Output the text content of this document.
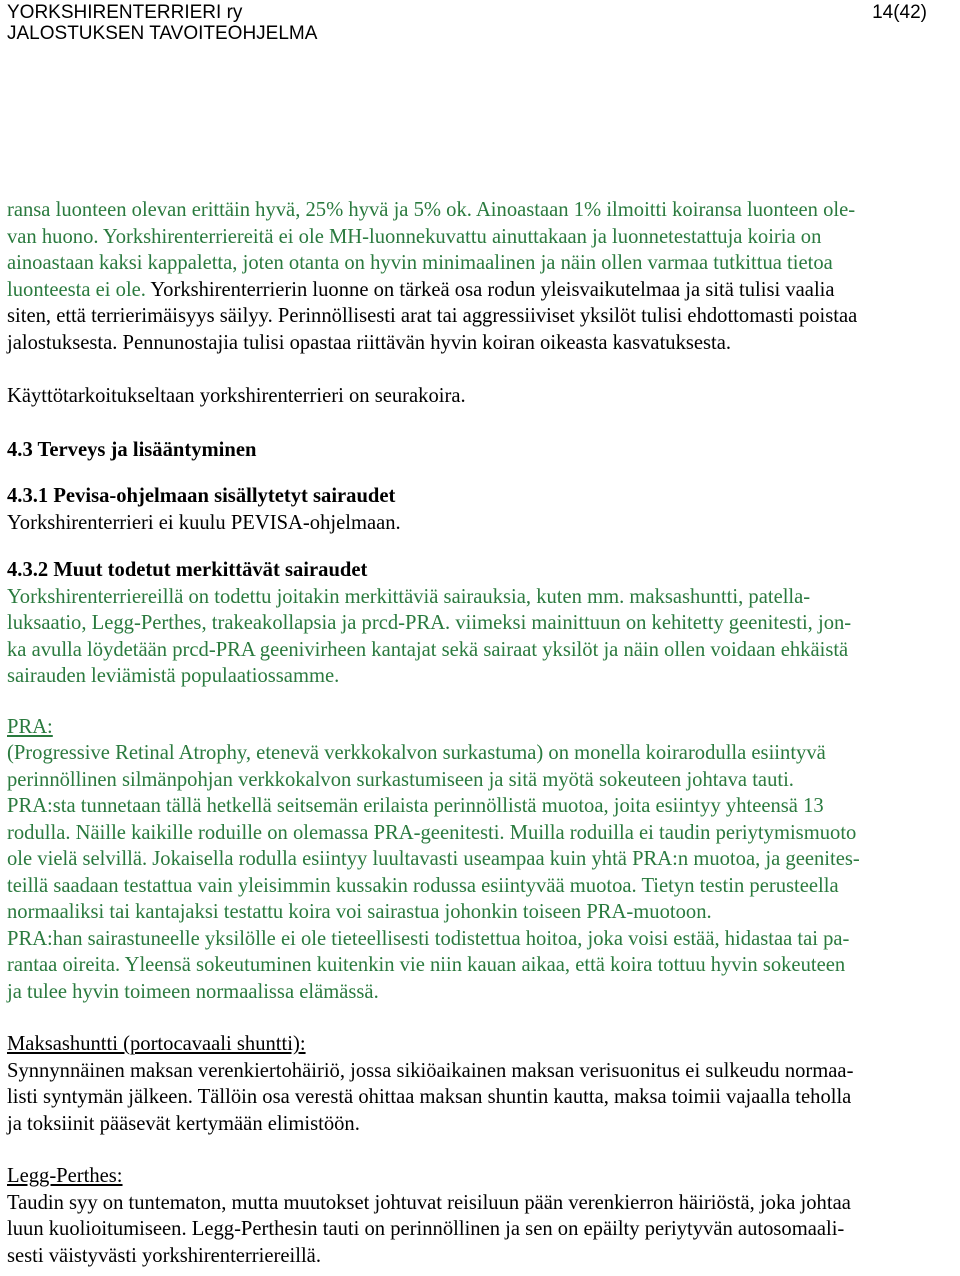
YORKSHIRENTERRIERI ry
JALOSTUKSEN TAVOITEOHJELMA
14(42)
ransa luonteen olevan erittäin hyvä, 25% hyvä ja 5% ok. Ainoastaan 1% ilmoitti koiransa luonteen ole-
van huono. Yorkshirenterriereitä ei ole MH-luonnekuvattu ainuttakaan ja luonnetestattuja koiria on
ainoastaan kaksi kappaletta, joten otanta on hyvin minimaalinen ja näin ollen varmaa tutkittua tietoa
luonteesta ei ole. Yorkshirenterrierin luonne on tärkeä osa rodun yleisvaikutelmaa ja sitä tulisi vaalia
siten, että terrierimäisyys säilyy. Perinnöllisesti arat tai aggressiiviset yksilöt tulisi ehdottomasti poistaa
jalostuksesta. Pennunostajia tulisi opastaa riittävän hyvin koiran oikeasta kasvatuksesta.
Käyttötarkoitukseltaan yorkshirenterrieri on seurakoira.
4.3 Terveys ja lisääntyminen
4.3.1 Pevisa-ohjelmaan sisällytetyt sairaudet
Yorkshirenterrieri ei kuulu PEVISA-ohjelmaan.
4.3.2 Muut todetut merkittävät sairaudet
Yorkshirenterriereillä on todettu joitakin merkittäviä sairauksia, kuten mm. maksashuntti, patella-
luksaatio, Legg-Perthes, trakeakollapsia ja prcd-PRA. viimeksi mainittuun on kehitetty geenitesti, jon-
ka avulla löydetään prcd-PRA geenivirheen kantajat sekä sairaat yksilöt ja näin ollen voidaan ehkäistä
sairauden leviämistä populaatiossamme.
PRA:
(Progressive Retinal Atrophy, etenevä verkkokalvon surkastuma) on monella koirarodulla esiintyvä
perinnöllinen silmänpohjan verkkokalvon surkastumiseen ja sitä myötä sokeuteen johtava tauti.
PRA:sta tunnetaan tällä hetkellä seitsemän erilaista perinnöllistä muotoa, joita esiintyy yhteensä 13
rodulla. Näille kaikille roduille on olemassa PRA-geenitesti. Muilla roduilla ei taudin periytymismuoto
ole vielä selvillä. Jokaisella rodulla esiintyy luultavasti useampaa kuin yhtä PRA:n muotoa, ja geenites-
teillä saadaan testattua vain yleisimmin kussakin rodussa esiintyvää muotoa. Tietyn testin perusteella
normaaliksi tai kantajaksi testattu koira voi sairastua johonkin toiseen PRA-muotoon.
PRA:han sairastuneelle yksilölle ei ole tieteellisesti todistettua hoitoa, joka voisi estää, hidastaa tai pa-
rantaa oireita. Yleensä sokeutuminen kuitenkin vie niin kauan aikaa, että koira tottuu hyvin sokeuteen
ja tulee hyvin toimeen normaalissa elämässä.
Maksashuntti (portocavaali shuntti):
Synnynnäinen maksan verenkiertohäiriö, jossa sikiöaikainen maksan verisuonitus ei sulkeudu normaa-
listi syntymän jälkeen. Tällöin osa verestä ohittaa maksan shuntin kautta, maksa toimii vajaalla teholla
ja toksiinit pääsevät kertymään elimistöön.
Legg-Perthes:
Taudin syy on tuntematon, mutta muutokset johtuvat reisiluun pään verenkierron häiriöstä, joka johtaa
luun kuolioitumiseen. Legg-Perthesin tauti on perinnöllinen ja sen on epäilty periytyvän autosomaali-
sesti väistyvästi yorkshirenterriereillä.
